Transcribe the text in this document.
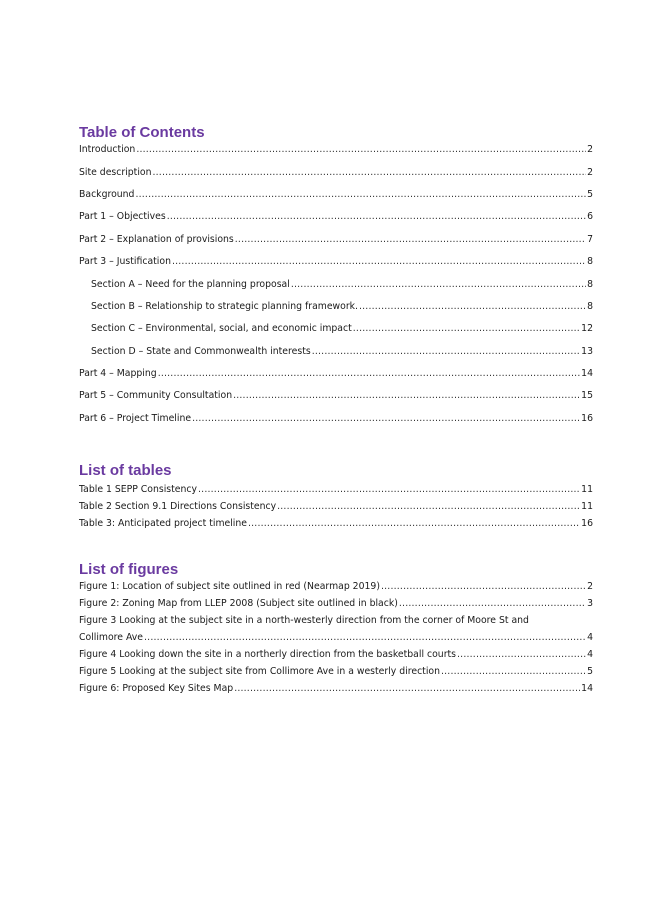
Table of Contents
Introduction .....	2
Site description .....	2
Background .....	5
Part 1 – Objectives .....	6
Part 2 – Explanation of provisions .....	7
Part 3 – Justification .....	8
Section A – Need for the planning proposal .....	8
Section B – Relationship to strategic planning framework. .....	8
Section C – Environmental, social, and economic impact .....	12
Section D – State and Commonwealth interests .....	13
Part 4 – Mapping .....	14
Part 5 – Community Consultation .....	15
Part 6 – Project Timeline .....	16
List of tables
Table 1 SEPP Consistency .....	11
Table 2 Section 9.1 Directions Consistency .....	11
Table 3: Anticipated project timeline .....	16
List of figures
Figure 1: Location of subject site outlined in red (Nearmap 2019) .....	2
Figure 2: Zoning Map from LLEP 2008 (Subject site outlined in black) .....	3
Figure 3 Looking at the subject site in a north-westerly direction from the corner of Moore St and
Collimore Ave .....	4
Figure 4 Looking down the site in a northerly direction from the basketball courts .....	4
Figure 5 Looking at the subject site from Collimore Ave in a westerly direction .....	5
Figure 6: Proposed Key Sites Map .....	14
